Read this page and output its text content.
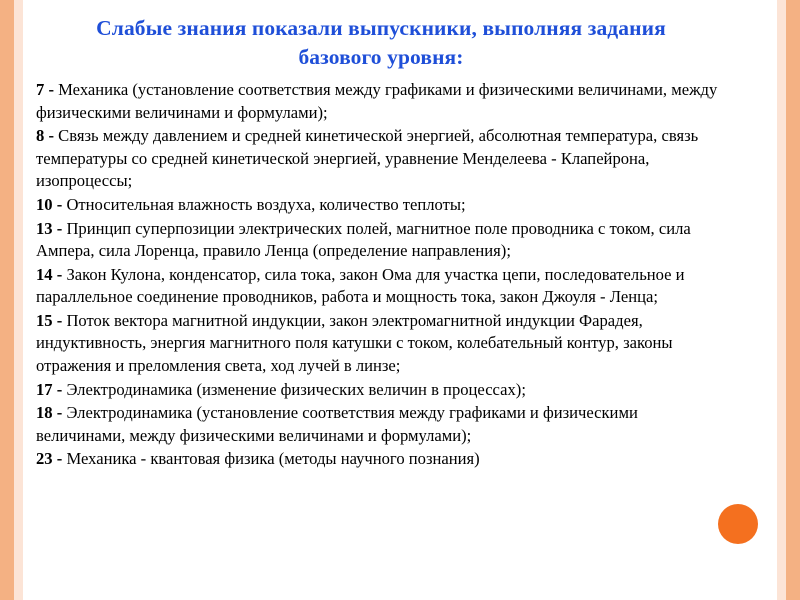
Слабые знания показали выпускники, выполняя задания базового уровня:
7 - Механика (установление соответствия между графиками и физическими величинами, между физическими величинами и формулами);
8 - Связь между давлением и средней кинетической энергией, абсолютная температура, связь температуры со средней кинетической энергией, уравнение Менделеева - Клапейрона, изопроцессы;
10 - Относительная влажность воздуха, количество теплоты;
13 - Принцип суперпозиции электрических полей, магнитное поле проводника с током, сила Ампера, сила Лоренца, правило Ленца (определение направления);
14 - Закон Кулона, конденсатор, сила тока, закон Ома для участка цепи, последовательное и параллельное соединение проводников, работа и мощность тока, закон Джоуля - Ленца;
15 - Поток вектора магнитной индукции, закон электромагнитной индукции Фарадея, индуктивность, энергия магнитного поля катушки с током, колебательный контур, законы отражения и преломления света, ход лучей в линзе;
17 - Электродинамика (изменение физических величин в процессах);
18 - Электродинамика (установление соответствия между графиками и физическими величинами, между физическими величинами и формулами);
23 - Механика - квантовая физика (методы научного познания)
